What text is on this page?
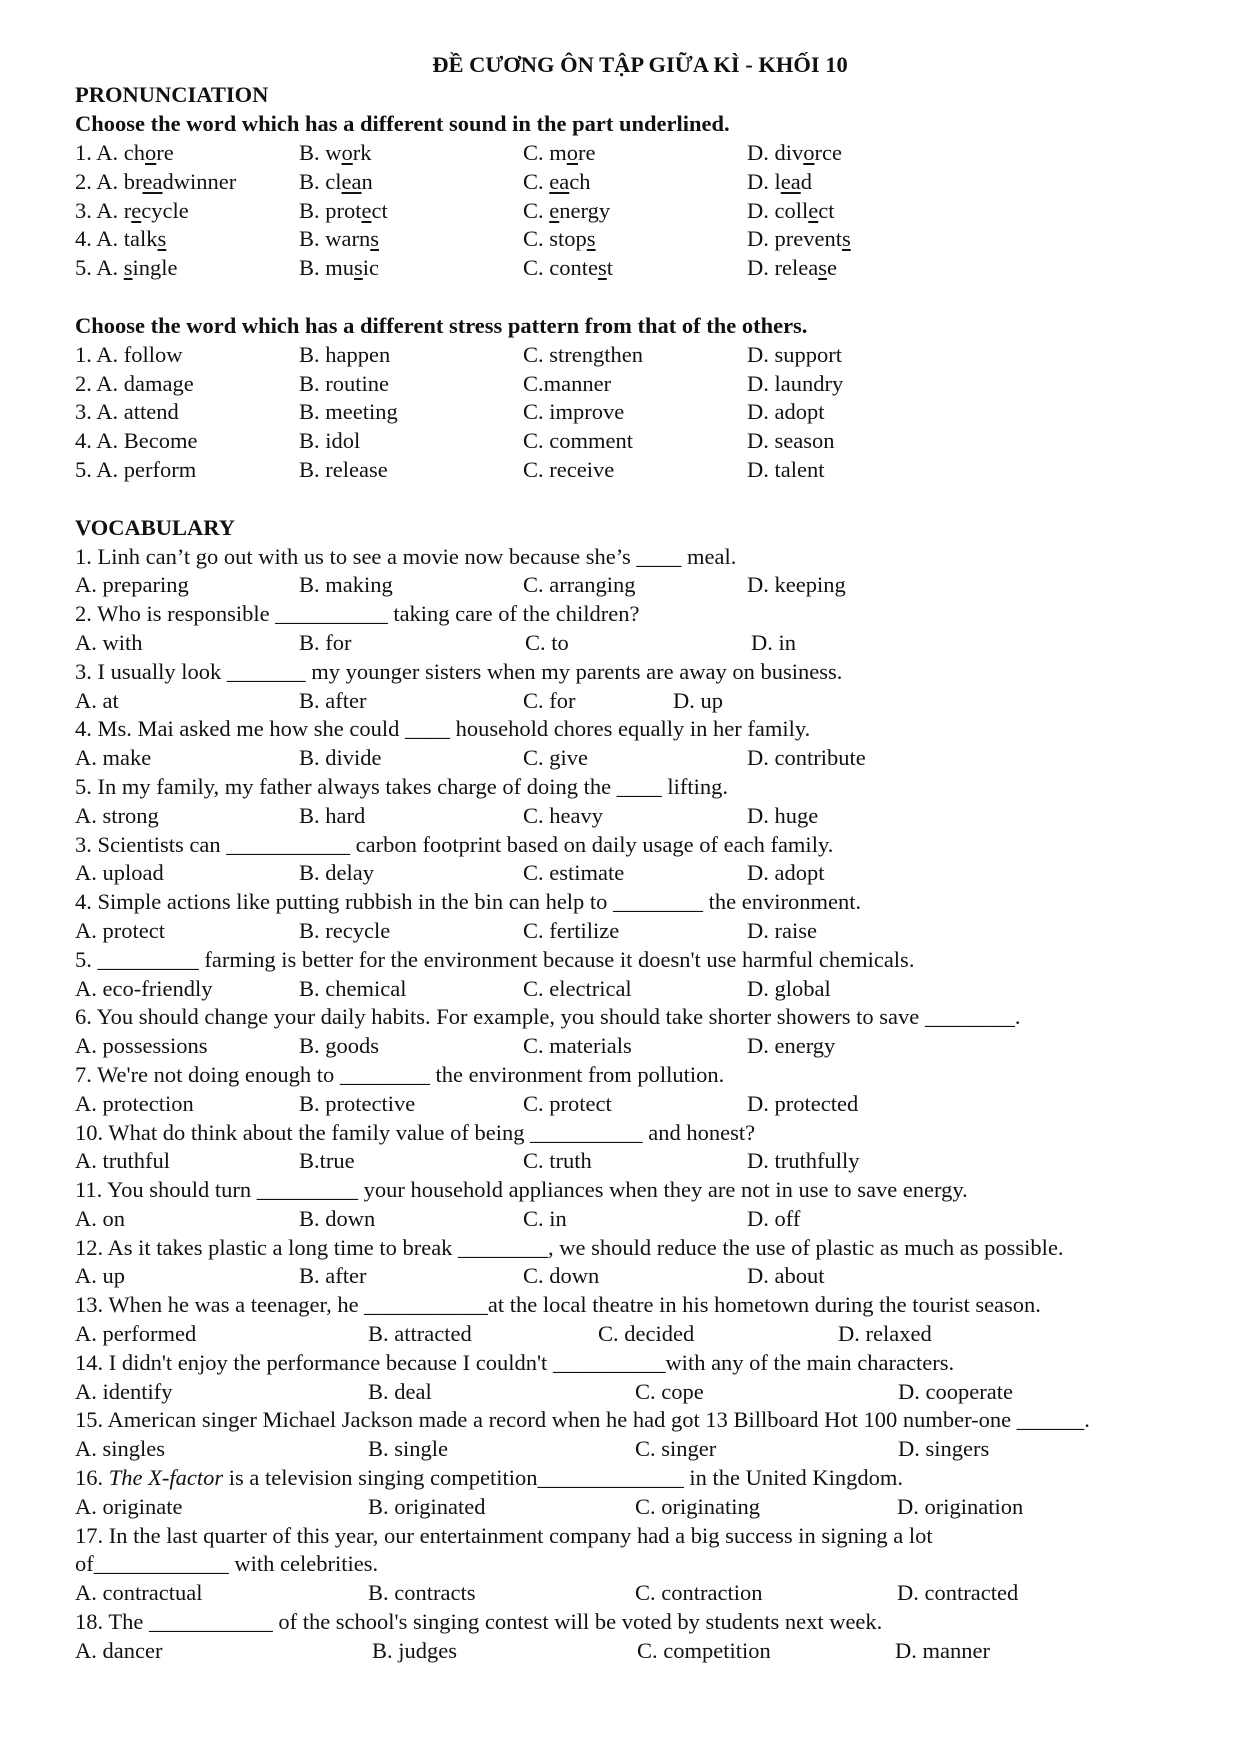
ĐỀ CƯƠNG ÔN TẬP GIỮA KÌ - KHỐI 10
PRONUNCIATION
Choose the word which has a different sound in the part underlined.
1. A. chore	B. work	C. more	D. divorce
2. A. breadwinner	B. clean	C. each	D. lead
3. A. recycle	B. protect	C. energy	D. collect
4. A. talks	B. warns	C. stops	D. prevents
5. A. single	B. music	C. contest	D. release
Choose the word which has a different stress pattern from that of the others.
1. A. follow	B. happen	C. strengthen	D. support
2. A. damage	B. routine	C.manner	D. laundry
3. A. attend	B. meeting	C. improve	D. adopt
4. A. Become	B. idol	C. comment	D. season
5. A. perform	B. release	C. receive	D. talent
VOCABULARY
1. Linh can’t go out with us to see a movie now because she’s ____ meal.
A. preparing	B. making	C. arranging	D. keeping
2. Who is responsible __________ taking care of the children?
A. with	B. for	C. to	D. in
3. I usually look _______ my younger sisters when my parents are away on business.
A. at	B. after	C. for	D. up
4. Ms. Mai asked me how she could ____ household chores equally in her family.
A. make	B. divide	C. give	D. contribute
5. In my family, my father always takes charge of doing the ____ lifting.
A. strong	B. hard	C. heavy	D. huge
3. Scientists can ___________ carbon footprint based on daily usage of each family.
A. upload	B. delay	C. estimate	D. adopt
4. Simple actions like putting rubbish in the bin can help to ________ the environment.
A. protect	B. recycle	C. fertilize	D. raise
5. _________ farming is better for the environment because it doesn't use harmful chemicals.
A. eco-friendly	B. chemical	C. electrical	D. global
6. You should change your daily habits. For example, you should take shorter showers to save ________.
A. possessions	B. goods	C. materials	D. energy
7. We're not doing enough to ________ the environment from pollution.
A. protection	B. protective	C. protect	D. protected
10. What do think about the family value of being __________ and honest?
A. truthful	B.true	C. truth	D. truthfully
11. You should turn _________ your household appliances when they are not in use to save energy.
A. on	B. down	C. in	D. off
12. As it takes plastic a long time to break ________, we should reduce the use of plastic as much as possible.
A. up	B. after	C. down	D. about
13. When he was a teenager, he ___________at the local theatre in his hometown during the tourist season.
A. performed	B. attracted	C. decided	D. relaxed
14. I didn't enjoy the performance because I couldn't __________with any of the main characters.
A. identify	B. deal	C. cope	D. cooperate
15. American singer Michael Jackson made a record when he had got 13 Billboard Hot 100 number-one ______.
A. singles	B. single	C. singer	D. singers
16. The X-factor is a television singing competition_____________ in the United Kingdom.
A. originate	B. originated	C. originating	D. origination
17. In the last quarter of this year, our entertainment company had a big success in signing a lot
of____________ with celebrities.
A. contractual	B. contracts	C. contraction	D. contracted
18. The ___________ of the school's singing contest will be voted by students next week.
A. dancer	B. judges	C. competition	D. manner
